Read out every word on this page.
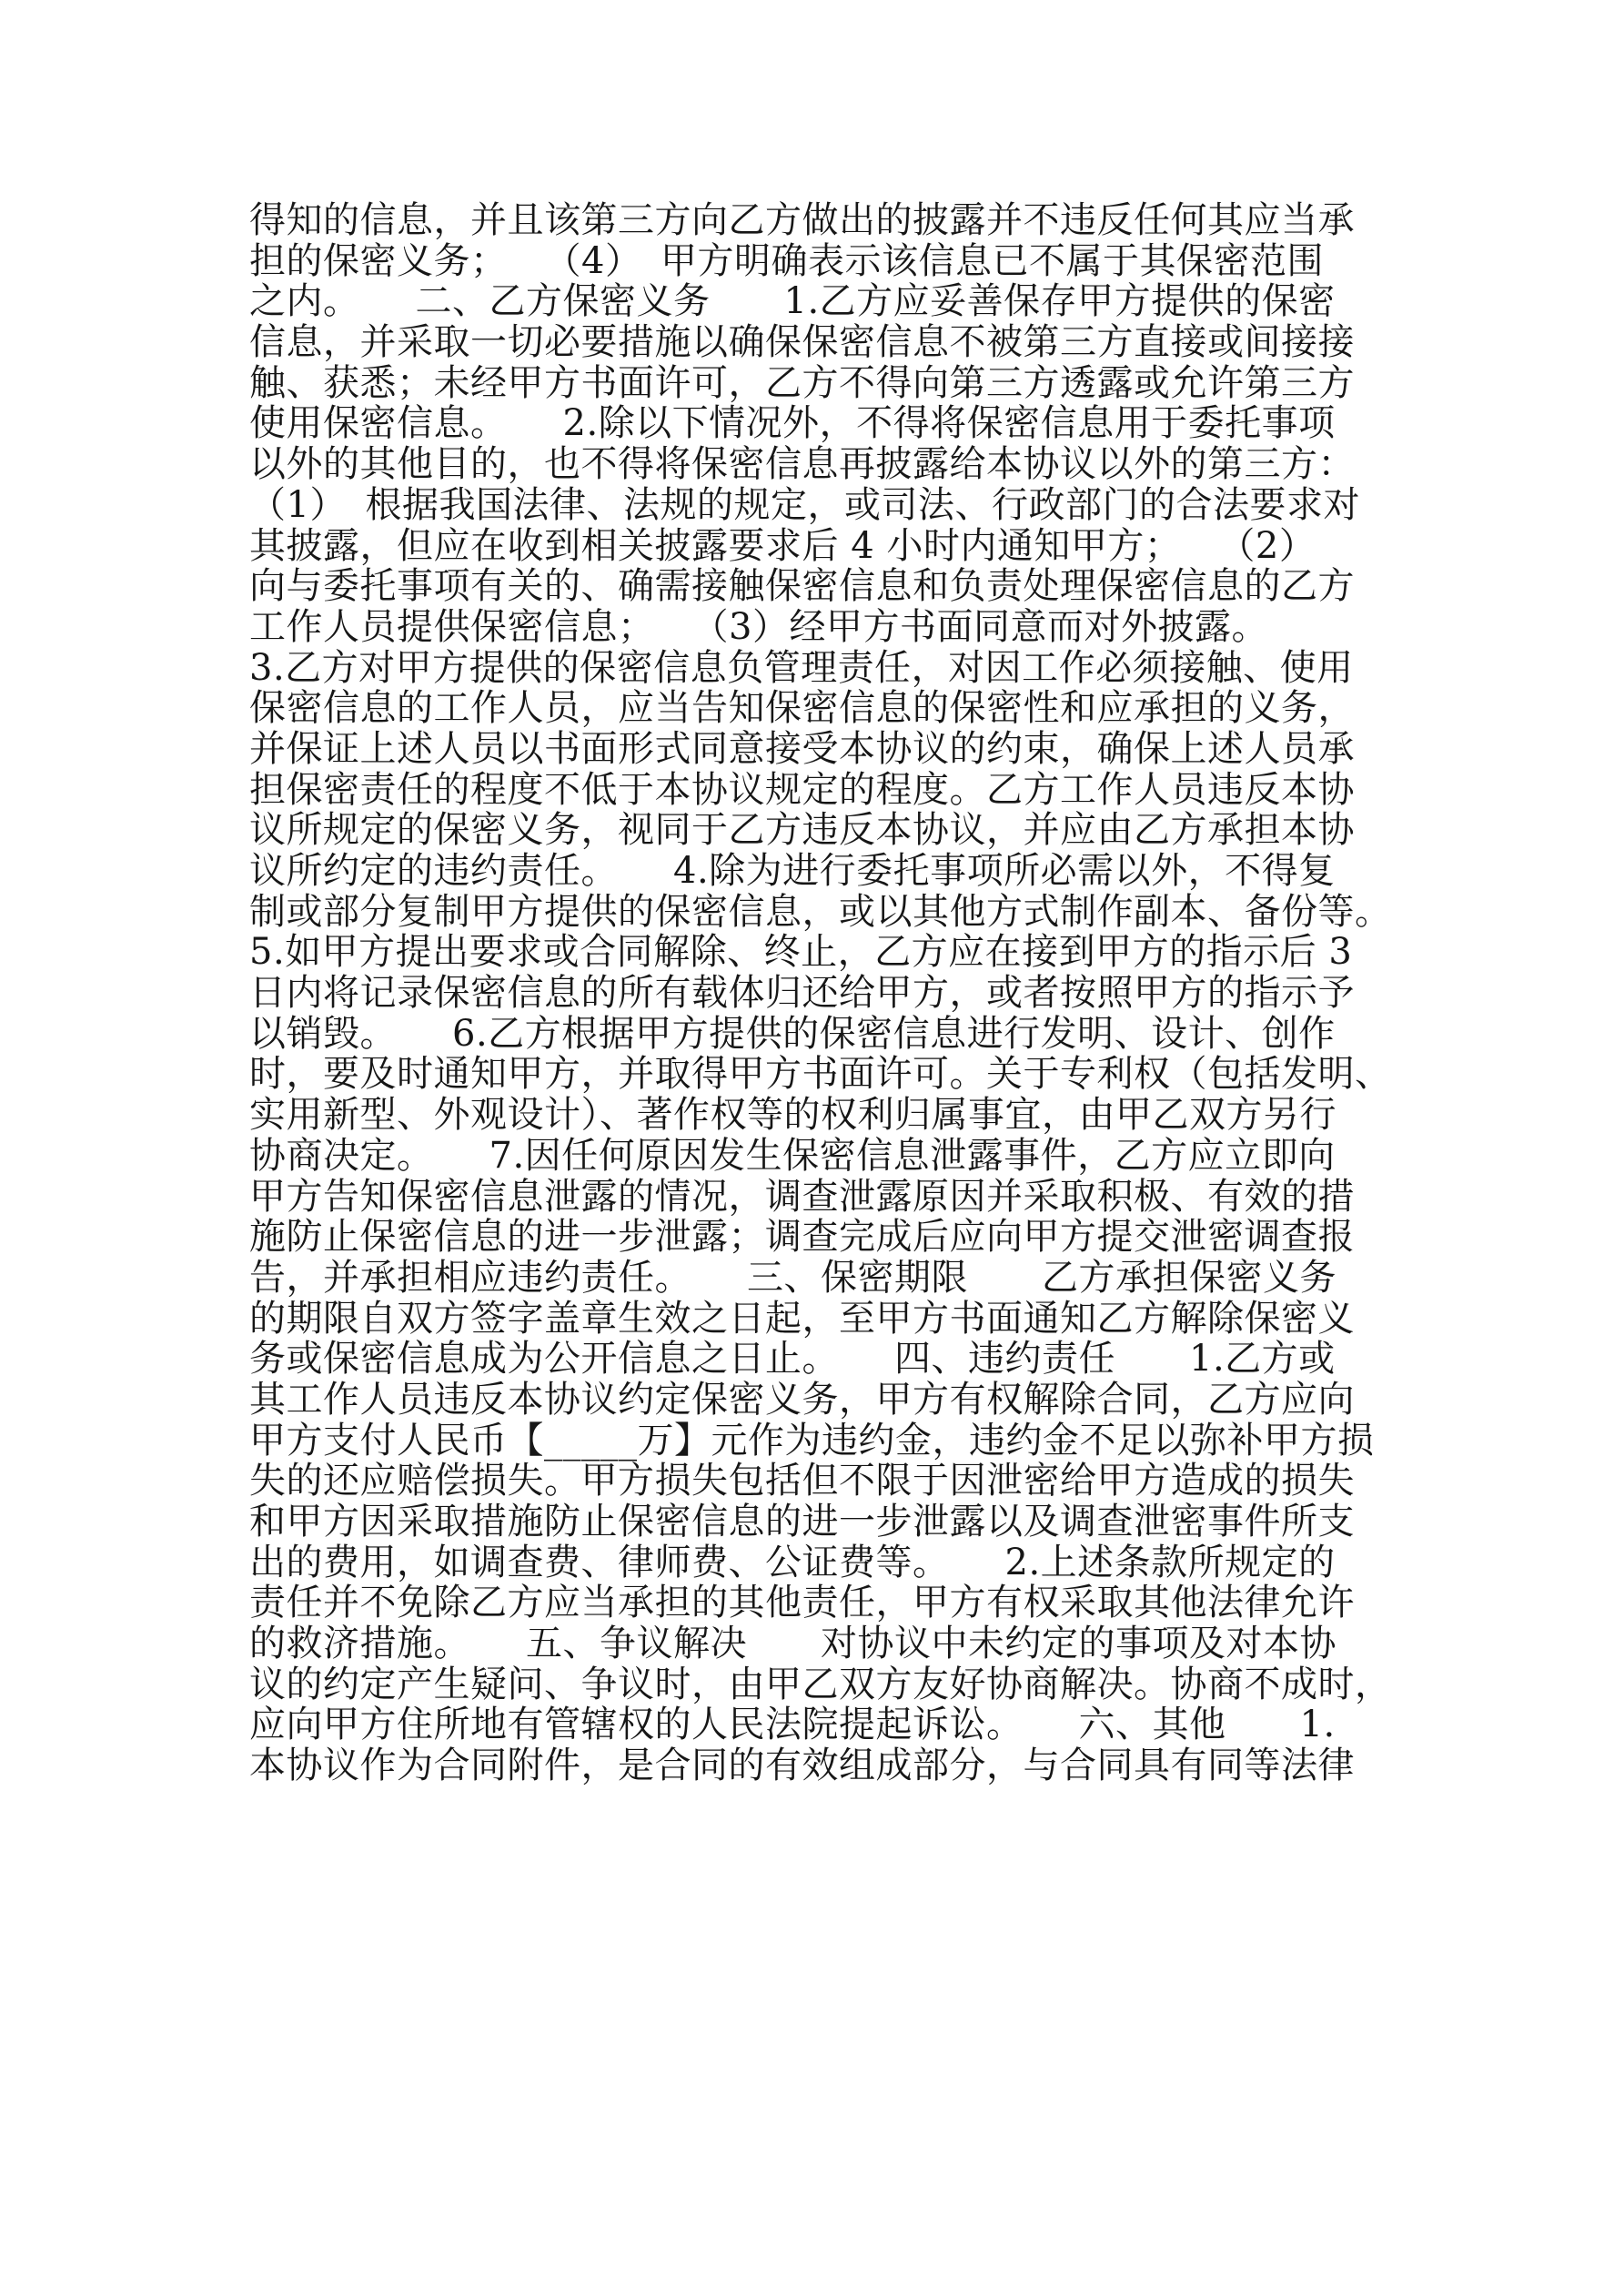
得知的信息，并且该第三方向乙方做出的披露并不违反任何其应当承
担的保密义务；　　（4）　甲方明确表示该信息已不属于其保密范围
之内。　　二、乙方保密义务　　1.乙方应妥善保存甲方提供的保密
信息，并采取一切必要措施以确保保密信息不被第三方直接或间接接
触、获悉；未经甲方书面许可，乙方不得向第三方透露或允许第三方
使用保密信息。　　2.除以下情况外，不得将保密信息用于委托事项
以外的其他目的，也不得将保密信息再披露给本协议以外的第三方：
（1）　根据我国法律、法规的规定，或司法、行政部门的合法要求对
其披露，但应在收到相关披露要求后 4 小时内通知甲方；　　（2）
向与委托事项有关的、确需接触保密信息和负责处理保密信息的乙方
工作人员提供保密信息；　　（3）经甲方书面同意而对外披露。
3.乙方对甲方提供的保密信息负管理责任，对因工作必须接触、使用
保密信息的工作人员，应当告知保密信息的保密性和应承担的义务，
并保证上述人员以书面形式同意接受本协议的约束，确保上述人员承
担保密责任的程度不低于本协议规定的程度。乙方工作人员违反本协
议所规定的保密义务，视同于乙方违反本协议，并应由乙方承担本协
议所约定的违约责任。　　4.除为进行委托事项所必需以外，不得复
制或部分复制甲方提供的保密信息，或以其他方式制作副本、备份等。
5.如甲方提出要求或合同解除、终止，乙方应在接到甲方的指示后 3
日内将记录保密信息的所有载体归还给甲方，或者按照甲方的指示予
以销毁。　　6.乙方根据甲方提供的保密信息进行发明、设计、创作
时，要及时通知甲方，并取得甲方书面许可。关于专利权（包括发明、
实用新型、外观设计）、著作权等的权利归属事宜，由甲乙双方另行
协商决定。　　7.因任何原因发生保密信息泄露事件，乙方应立即向
甲方告知保密信息泄露的情况，调查泄露原因并采取积极、有效的措
施防止保密信息的进一步泄露；调查完成后应向甲方提交泄密调查报
告，并承担相应违约责任。　　三、保密期限　　乙方承担保密义务
的期限自双方签字盖章生效之日起，至甲方书面通知乙方解除保密义
务或保密信息成为公开信息之日止。　　四、违约责任　　1.乙方或
其工作人员违反本协议约定保密义务，甲方有权解除合同，乙方应向
甲方支付人民币【_____万】元作为违约金，违约金不足以弥补甲方损
失的还应赔偿损失。甲方损失包括但不限于因泄密给甲方造成的损失
和甲方因采取措施防止保密信息的进一步泄露以及调查泄密事件所支
出的费用，如调查费、律师费、公证费等。　　2.上述条款所规定的
责任并不免除乙方应当承担的其他责任，甲方有权采取其他法律允许
的救济措施。　　五、争议解决　　对协议中未约定的事项及对本协
议的约定产生疑问、争议时，由甲乙双方友好协商解决。协商不成时，
应向甲方住所地有管辖权的人民法院提起诉讼。　　六、其他　　1.
本协议作为合同附件，是合同的有效组成部分，与合同具有同等法律
